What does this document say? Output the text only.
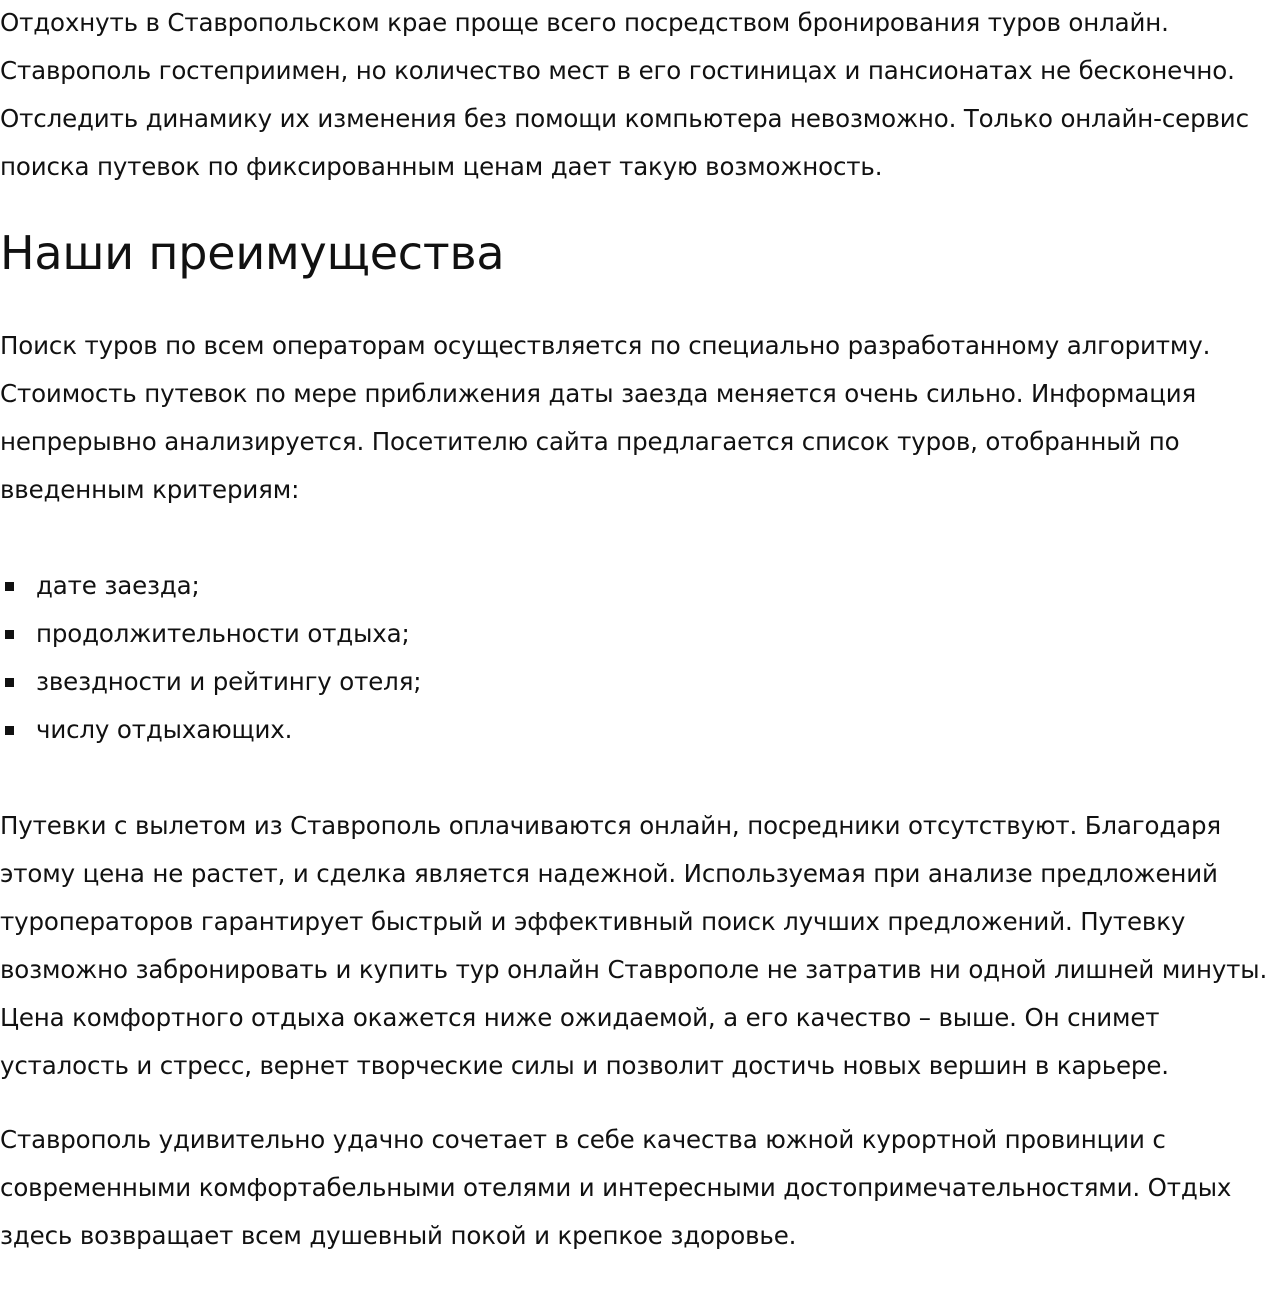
Отдохнуть в Ставропольском крае проще всего посредством бронирования туров онлайн. Ставрополь гостеприимен, но количество мест в его гостиницах и пансионатах не бесконечно. Отследить динамику их изменения без помощи компьютера невозможно. Только онлайн-сервис поиска путевок по фиксированным ценам дает такую возможность.

Наши преимущества

Поиск туров по всем операторам осуществляется по специально разработанному алгоритму. Стоимость путевок по мере приближения даты заезда меняется очень сильно. Информация непрерывно анализируется. Посетителю сайта предлагается список туров, отобранный по введенным критериям:

дате заезда;
продолжительности отдыха;
звездности и рейтингу отеля;
числу отдыхающих.

Путевки с вылетом из Ставрополь оплачиваются онлайн, посредники отсутствуют. Благодаря этому цена не растет, и сделка является надежной. Используемая при анализе предложений туроператоров гарантирует быстрый и эффективный поиск лучших предложений. Путевку возможно забронировать и купить тур онлайн Ставрополе не затратив ни одной лишней минуты. Цена комфортного отдыха окажется ниже ожидаемой, а его качество – выше. Он снимет усталость и стресс, вернет творческие силы и позволит достичь новых вершин в карьере.

Ставрополь удивительно удачно сочетает в себе качества южной курортной провинции с современными комфортабельными отелями и интересными достопримечательностями. Отдых здесь возвращает всем душевный покой и крепкое здоровье.
